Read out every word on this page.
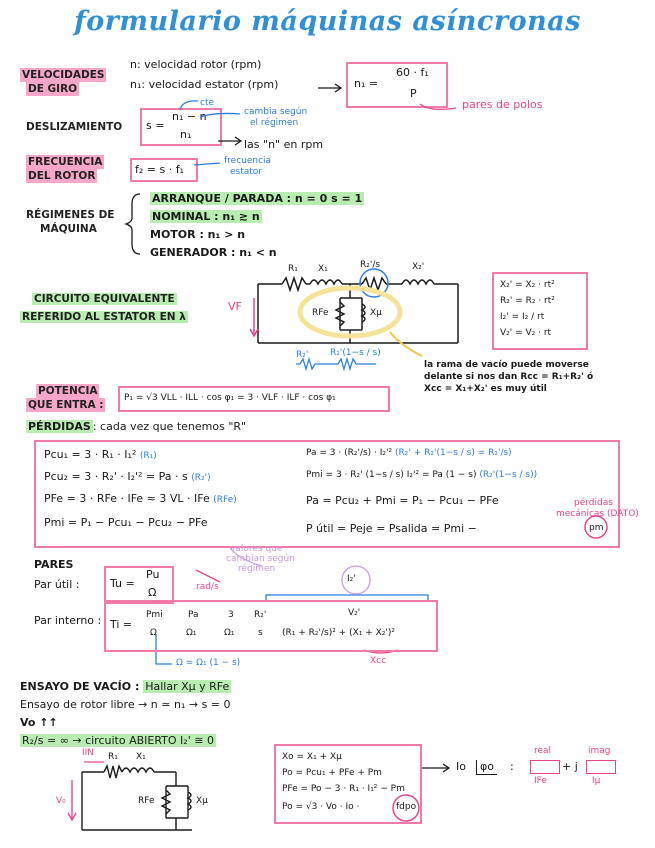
formulario máquinas asíncronas
VELOCIDADES
DE GIRO
n: velocidad rotor (rpm)
n₁: velocidad estator (rpm)	n₁ =
60 · f₁
P
pares de polos
DESLIZAMIENTO
cte
s =
n₁ − n
n₁
cambia según
el régimen
las "n" en rpm
FRECUENCIA
DEL ROTOR	f₂ = s · f₁
frecuencia
estator
RÉGIMENES DE
MÁQUINA
ARRANQUE / PARADA : n = 0 s = 1
NOMINAL : n₁ ≳ n
MOTOR : n₁ > n
GENERADOR : n₁ < n
CIRCUITO EQUIVALENTE
REFERIDO AL ESTATOR EN λ
VF
R₁ X₁	R₂'/s	X₂'
RFe	Xμ
R₂' R₂'(1−s / s)
la rama de vacío puede moverse
delante si nos dan Rcc = R₁+R₂' ó
Xcc = X₁+X₂' es muy útil
X₂' = X₂ · rt²
R₂' = R₂ · rt²
I₂' = I₂ / rt
V₂' = V₂ · rt
POTENCIA
QUE ENTRA :
P₁ = √3 VLL · ILL · cos φ₁ = 3 · VLF · ILF · cos φ₁
PÉRDIDAS : cada vez que tenemos "R"
Pcu₁ = 3 · R₁ · I₁² (R₁)
Pcu₂ = 3 · R₂' · I₂'² = Pa · s (R₂')
PFe = 3 · RFe · IFe ≈ 3 VL · IFe (RFe)
Pmi = P₁ − Pcu₁ − Pcu₂ − PFe
Pa = 3 · (R₂'/s) · I₂'² (R₂' + R₂'(1−s / s) = R₂'/s)
Pmi = 3 · R₂' (1−s / s) I₂'² = Pa (1 − s) (R₂'(1−s / s))
Pa = Pcu₂ + Pmi = P₁ − Pcu₁ − PFe
P útil = Peje = Psalida = Pmi −	pm
pérdidas
mecánicas (DATO)
PARES
Par útil :	Tu =
Pu
Ω	rad/s
valores que
cambian según
régimen
I₂'
Par interno : Ti =
Pmi
Ω
Pa
Ω₁
3
Ω₁
R₂'
s
V₂'
(R₁ + R₂'/s)² + (X₁ + X₂')²
Xcc
Ω = Ω₁ (1 − s)
ENSAYO DE VACÍO : Hallar Xμ y RFe
Ensayo de rotor libre → n ≃ n₁ → s = 0
Vo ↑↑
R₂/s = ∞ → circuito ABIERTO I₂' ≅ 0
IIN R₁ X₁
RFe	Xμ
V₀
Xo = X₁ + Xμ
Po = Pcu₁ + PFe + Pm
PFe = Po − 3 · R₁ · I₁² − Pm
Po = √3 · Vo · Io ·	fdpo
Io	φo :
real
IFe
+ j
imag
Iμ
